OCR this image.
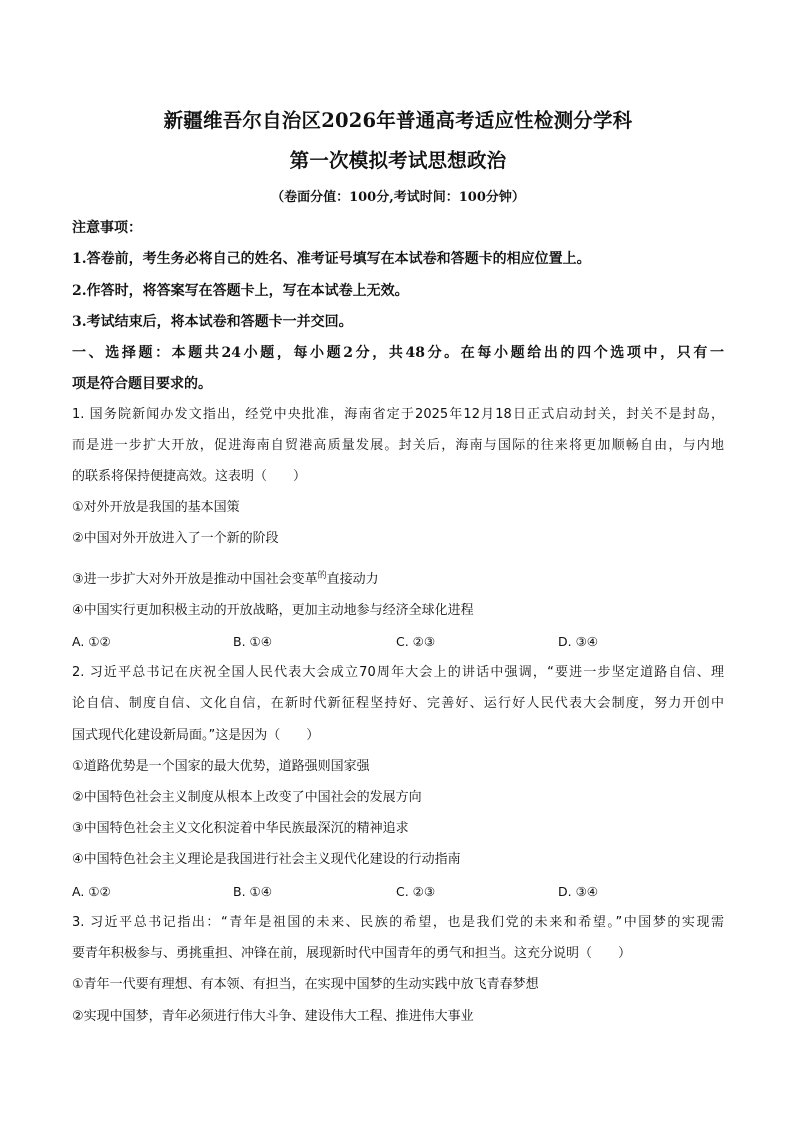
新疆维吾尔自治区2026年普通高考适应性检测分学科
第一次模拟考试思想政治
（卷面分值：100分,考试时间：100分钟）
注意事项：
1.答卷前，考生务必将自己的姓名、准考证号填写在本试卷和答题卡的相应位置上。
2.作答时，将答案写在答题卡上，写在本试卷上无效。
3.考试结束后，将本试卷和答题卡一并交回。
一、选择题：本题共24小题，每小题2分，共48分。在每小题给出的四个选项中，只有一
项是符合题目要求的。
1. 国务院新闻办发文指出，经党中央批准，海南省定于2025年12月18日正式启动封关，封关不是封岛，
而是进一步扩大开放，促进海南自贸港高质量发展。封关后，海南与国际的往来将更加顺畅自由，与内地
的联系将保持便捷高效。这表明（　　）
①对外开放是我国的基本国策
②中国对外开放进入了一个新的阶段
③进一步扩大对外开放是推动中国社会变革$^的$直接动力
④中国实行更加积极主动的开放战略，更加主动地参与经济全球化进程
A. ①②	B. ①④	C. ②③	D. ③④
2. 习近平总书记在庆祝全国人民代表大会成立70周年大会上的讲话中强调，“要进一步坚定道路自信、理
论自信、制度自信、文化自信，在新时代新征程坚持好、完善好、运行好人民代表大会制度，努力开创中
国式现代化建设新局面。”这是因为（　　）
①道路优势是一个国家的最大优势，道路强则国家强
②中国特色社会主义制度从根本上改变了中国社会的发展方向
③中国特色社会主义文化积淀着中华民族最深沉的精神追求
④中国特色社会主义理论是我国进行社会主义现代化建设的行动指南
A. ①②	B. ①④	C. ②③	D. ③④
3. 习近平总书记指出：“青年是祖国的未来、民族的希望，也是我们党的未来和希望。”中国梦的实现需
要青年积极参与、勇挑重担、冲锋在前，展现新时代中国青年的勇气和担当。这充分说明（　　）
①青年一代要有理想、有本领、有担当，在实现中国梦的生动实践中放飞青春梦想
②实现中国梦，青年必须进行伟大斗争、建设伟大工程、推进伟大事业
